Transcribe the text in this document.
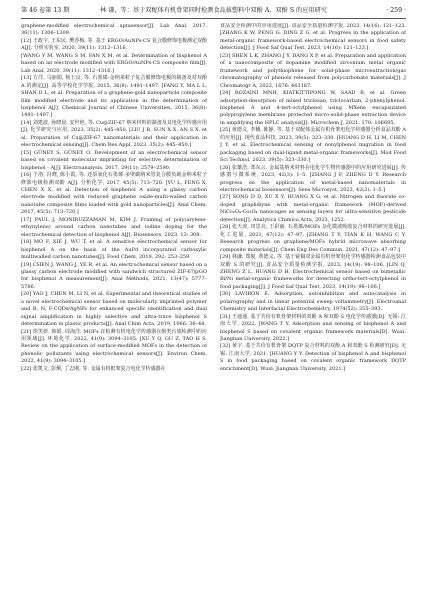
第 46 卷第 13 期	林 谦，等：基于双配体有机骨架同时检测食品拔塑料中双酚 A、双酚 S 的应用研究	· 259 ·

graphene-modified electrochemical aptasensor[J]. Lab Anal, 2017, 36(11): 1306–1309.

[12] 王政宇, 王东民, 樊香梅, 等. 基于 ERGO/AuNPs-CS 复合膜修饰电极测定双酚 A[J]. 分析实验室, 2020, 39(11): 1312–1316.

[WANG Y M, WANG S M, FAN X M, et al. Determination of bisphenol A based on an electrode modified with ERGO/AuNPs-CS composite film[J]. Lab Anal, 2020, 39(11): 1312–1316.]

[13] 方洋, 马丽娟, 杨玉良, 等. 石墨烯-金纳米粒子复合膜修饰电极的制备及对双酚 A 的测定[J]. 高等学校化学学报, 2015, 36(8): 1491–1497. [FANG Y, MA L L, SHAN D L, et al. Preparation of a graphene-gold nanoparticle composite film modified electrode and its application in the determination of bisphenol A[J]. Chemical Journal of Chinese Universities, 2015, 36(8): 1491–1497.]

[14] 刘建波, 孙晓晨, 安世艳, 等. Cu@ZIF-67 纳米材料的制备及其电化学传感应用[J]. 化学研究与应用, 2023, 35(2): 445–450. [LIU J B, SUN X X, AN S X, et al. Preparation of Cu@ZIF-67 nanomaterials and their application in electrochemical sensing[J]. Chem Res Appl, 2023, 35(2): 445–450.]

[15] GÜNEY S, GÜNEY O. Development of an electrochemical sensor based on covalent molecular imprinting for selective determination of bisphenol - A[J]. Electroanalysis, 2017, 29(11): 2579–2590.

[16] 于洛, 冯晓, 陈小霞, 等. 还原氧化石墨烯-多壁碳纳米管复合膜负载金纳米粒子修饰电极检测双酚 A[J]. 分析化学, 2017, 45(5): 713–720. [YU L, FENG X, CHEN X X, et al. Detection of bisphenol A using a glassy carbon electrode modified with reduced graphene oxide-multi-walled carbon nanotube composite films loaded with gold nanoparticles[J]. Anal Chem, 2017, 45(5): 713–720.]

[17] PAUL J, MONIRUZZAMAN M, KIM J. Framing of poly(arylene-ethynylene) around carbon nanotubes and iodine doping for the electrochemical detection of bisphenol A[J]. Biosensors, 2023, 13: 308.

[18] MO F, XIE J, WU T, et al. A sensitive electrochemical sensor for bisphenol A on the basis of the AuPd incorporated carboxylic multiwalled carbon nanotubes[J]. Food Chem, 2019, 292: 253–259.

[19] CHEN J, WANG J, YE R, et al. An electrochemical sensor based on a glassy carbon electrode modified with sandwich structured ZIF-67@GO for bisphenol A measurement[J]. Anal Methods, 2021, 13(47): 5777–5786.

[20] YAO J, CHEN M, LI N, et al. Experimental and theoretical studies of a novel electrochemical sensor based on molecularly imprinted polymer and B, N, F-CQDs/AgNPs for enhanced specific identification and dual signal amplification in highly selective and ultra-trace bisphenol S determination in plastic products[J]. Anal Chim Acta, 2019, 1066: 36–48.

[21] 徐笑妍, 韩娟, 周海洋. MOFs 在检测有机电化学传感器在酚类污染检测中的应用领域[J]. 环境化学, 2022, 41(9): 3094–3105. [XU Y Q, GU Z, TAO H S. Review on the application of surface-modified MOFs in the detection of phenolic pollutants using electrochemical sensors[J]. Environ Chem, 2022, 41(9): 3094–3105.]

[22] 张凯文, 彭炯, 丁志刚, 等. 金属有机框架复合电化学传感器在

食品安全检测中的应用进展[J]. 食品安全质量检测学报, 2023, 14(16): 121–123. [ZHANG K W, PENG G, DING Z G, et al. Progress in the application of metal-organic framework-based electrochemical sensors in food safety detection[J]. J Food Saf Qual Test, 2023, 14(16): 121–123.]

[23] SHEN L K, ZHANG J Y, DANG X P, et al. Preparation and application of a nanocomposite of dopamine modified zirconium metal organic framework and polythiophene for solid-phase microextraction/gas chromatography of phenols released from polycarbonate materials[J]. J Chromatogr A, 2022, 1676: 463187.

[24] ROZAINI MNH, KIATKITTIPONG W, SAAD B, et al. Green adsorption-desorption of mixed triclosan, triclocarban, 2-phenylphenol, bisphenol A and 4-tert-octylphenol using MXene encapsulated polypropylene membrane protected micro-solid-phase extraction device in amplifying the HPLC analysis[J]. Microchem J, 2021, 170: 106695.

[25] 黄德义, 李楠, 陈静, 等. 基于双配体金属有机骨架电化学传感器分析食品双酚 A 的应用[J]. 现代食品科技, 2023, 39(5): 323–330. [HUANG D H, LI M, CHEN J Y, et al. Electrochemical sensing of nonylphenol migration in food packaging based on dual-ligand metal-organic frameworks[J]. Mod Food Sci Technol, 2023, 39(5): 323–330.]

[26] 张雄浩, 郑东云. 金属基纳米材料在电化学生物传感器中的应用研究进展[J]. 传感器与微系统, 2023, 42(3): 1–5. [ZHANG J F, ZHENG D Y. Research progress on the application of metal-based nanomaterials in electrochemical biosensors[J]. Sens Microsyst, 2023, 42(3): 1–5.]

[27] SONG D D, XU X Y, HUANG X G, et al. Nitrogen and fluoride co-doped graphdiyne with metal-organic framework (MOF)-derived NiCo₂O₄-Co₃O₄ nanocages as sensing layers for ultra-sensitive pesticide detection[J]. Analytica Chimica Acta, 2023, 1252.

[28] 张天涛, 田思亮, 王彩丽. 石墨烯/MOFs 杂化微波吸收复合材料的研究进展[J]. 化工进展, 2021, 47(12): 47–97. [ZHANG T Y, TIAN K H, WANG C Y. Research progress on graphene/MOFs hybrid microwave absorbing composite materials[J]. Chem Eng Des Commun, 2021, 47(12): 47–97.]

[29] 林谦, 郑俊, 黄德义, 等. 基于铋铜双金属有机骨架电化学传感器检测食品包装中双酚 S 的研究[J]. 食品安全质量检测学报, 2023, 14(19): 98–106. [LIN Q, ZHENG Z L, HUANG D H. Electrochemical sensor based on bimetallic Bi/Ni metal-organic frameworks for detecting ortho-tert-octylphenol in food packaging[J]. J Food Saf Qual Test, 2023, 14(19): 98–106.]

[30] LAVIRON E. Adsorption, autoinhibition and autocatalysis in polarography and in linear potential sweep voltammetry[J]. Electroanal Chemistry and Interfacial Electrochemistry, 1974(52): 355–393.

[31] 王通通. 基于共价有机骨架材料的双酚 A 和双酚 S 电化学传感器[D]. 无锡: 江南大学, 2022. [WANG T Y. Adsorption and sensing of bisphenol A and bisphenol S based on covalent organic framework materials[D]. Wuxi: Jiangnan University, 2022.]

[32] 黄宇. 基于共价有机骨架 DQTP 复合材料的双酚 A 和双酚 S 检测研究[D]. 无锡: 江南大学, 2021. [HUANG Y Y. Detection of bisphenol A and bisphenol S in food packaging based on covalent organic framework DQTP enrichment[D]. Wuxi: Jiangnan University, 2021.]
